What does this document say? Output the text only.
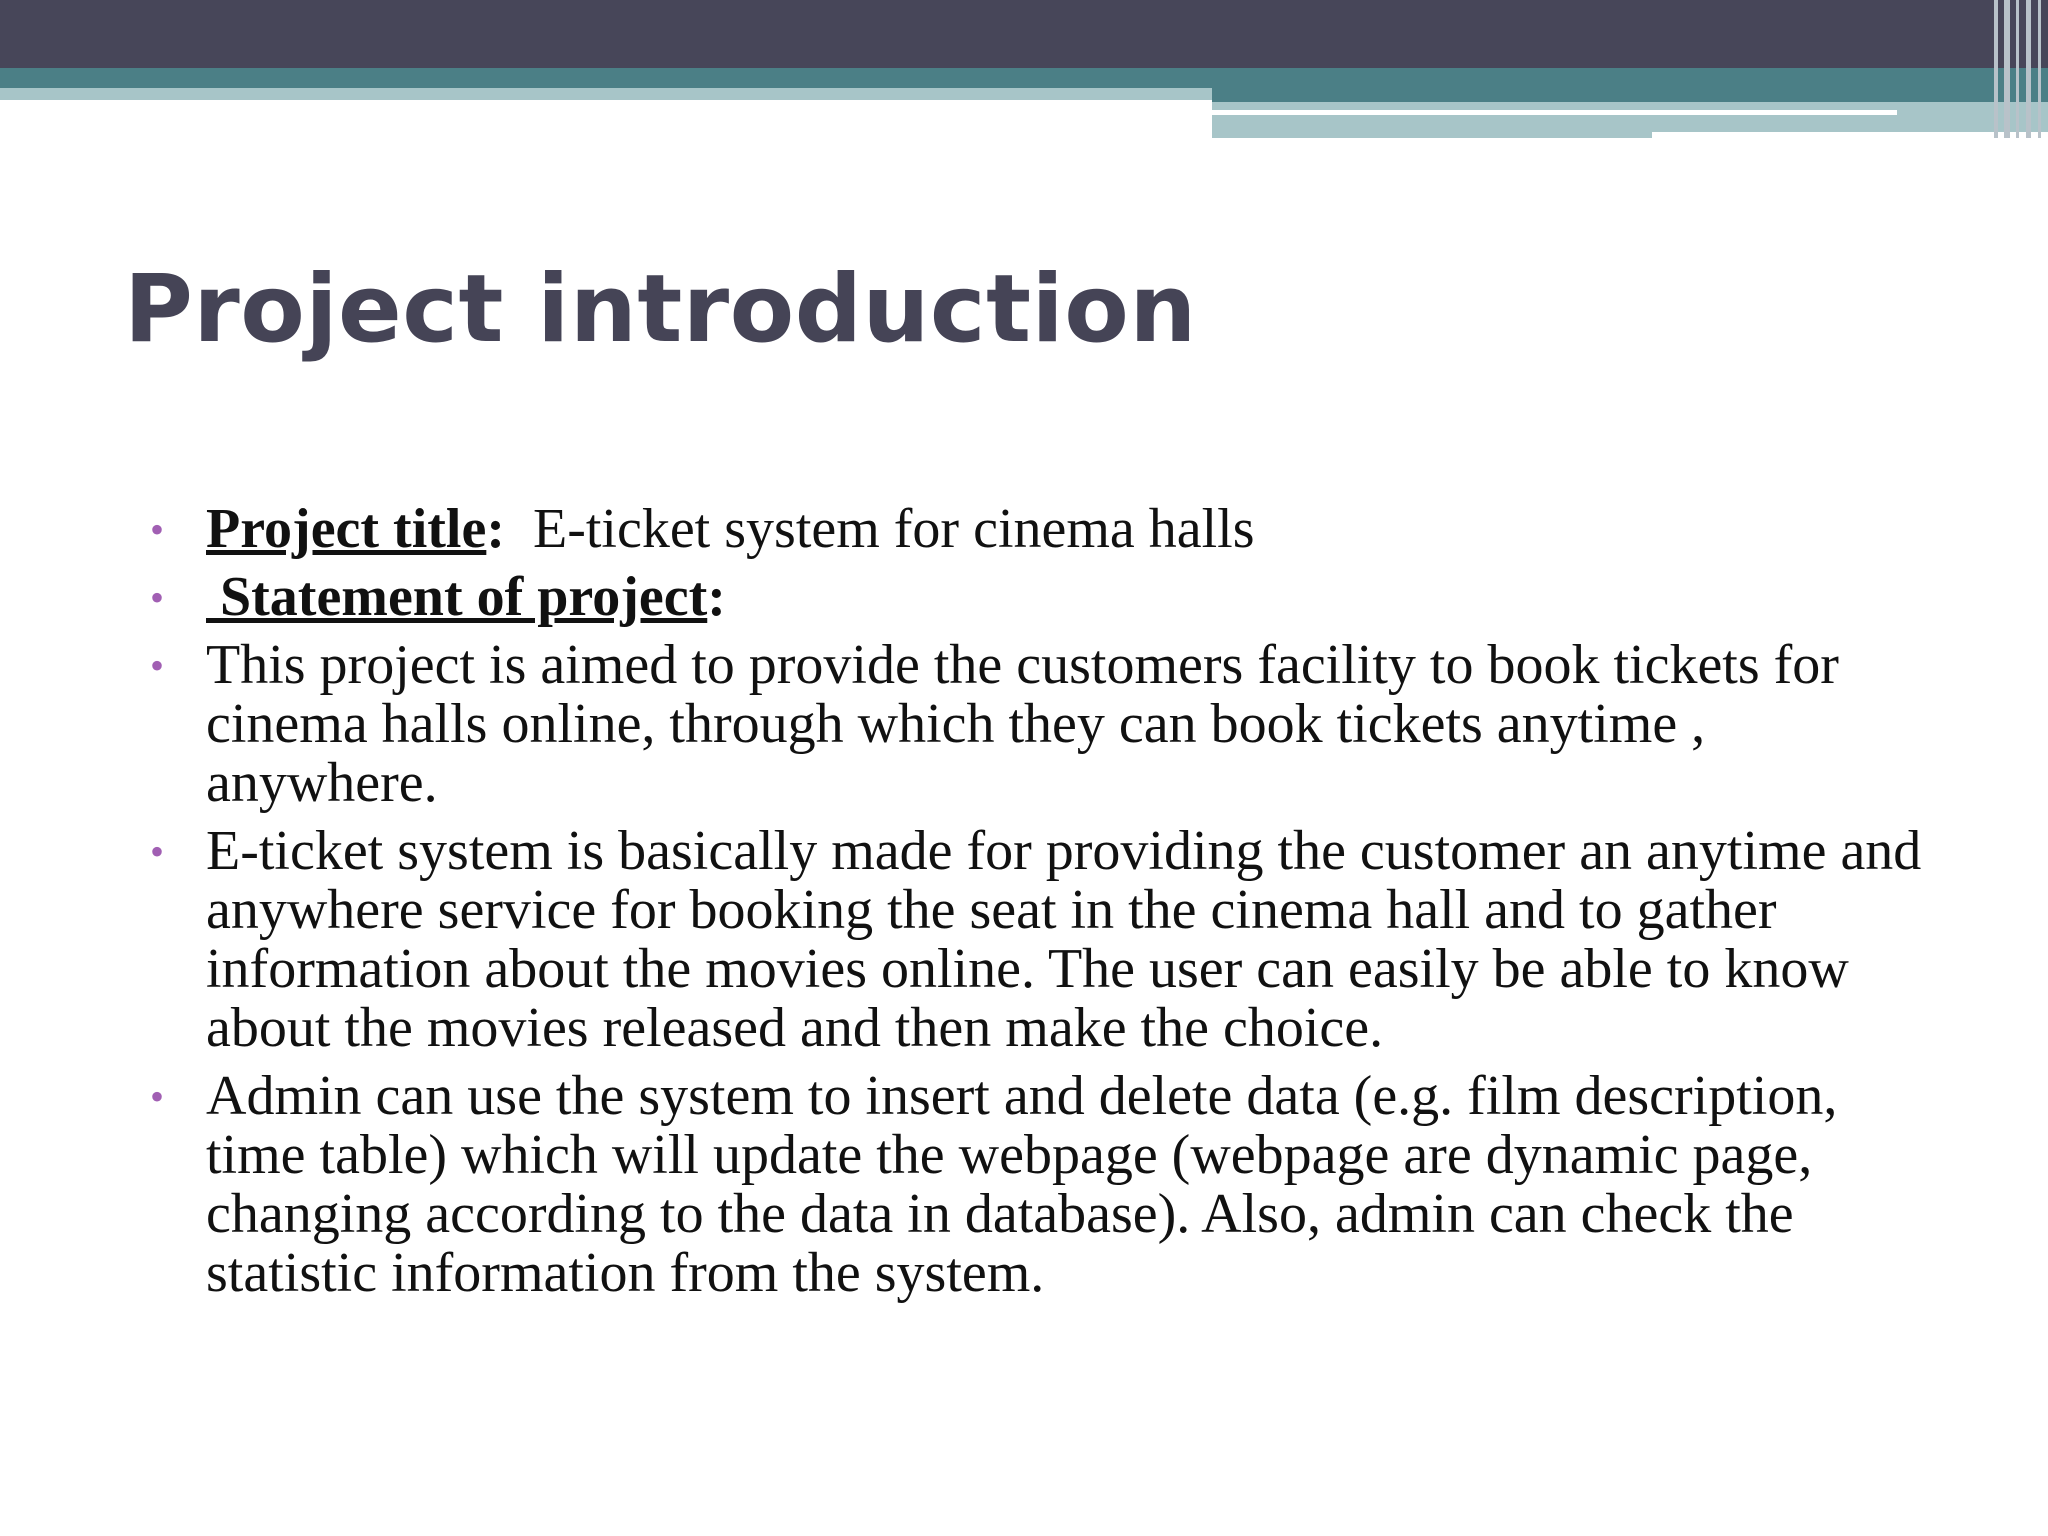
Project introduction
• Project title:  E-ticket system for cinema halls
• Statement of project:
• This project is aimed to provide the customers facility to book tickets for cinema halls online, through which they can book tickets anytime , anywhere.
• E-ticket system is basically made for providing the customer an anytime and anywhere service for booking the seat in the cinema hall and to gather information about the movies online. The user can easily be able to know about the movies released and then make the choice.
• Admin can use the system to insert and delete data (e.g. film description, time table) which will update the webpage (webpage are dynamic page, changing according to the data in database). Also, admin can check the statistic information from the system.
